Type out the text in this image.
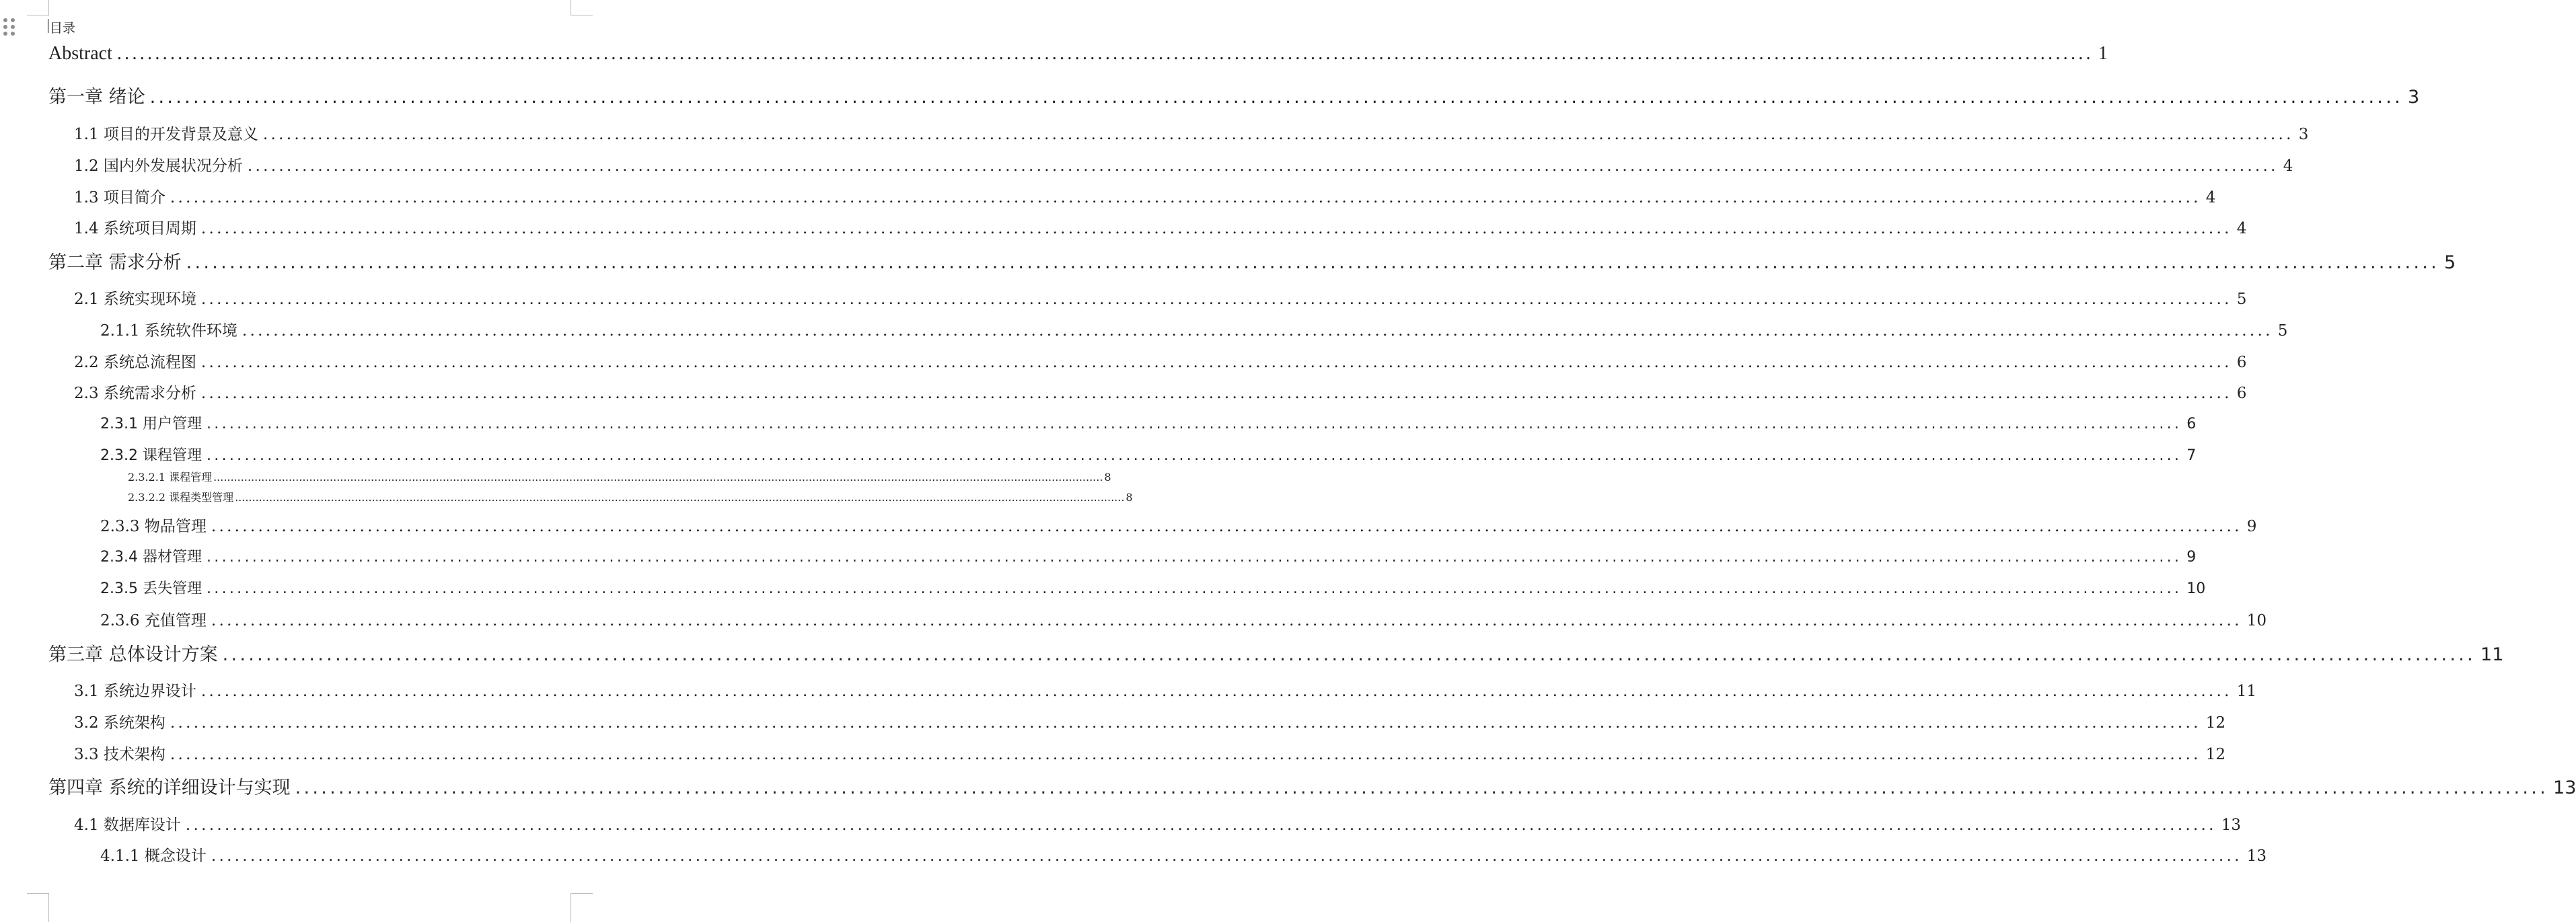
目录
Abstract .................................................................................................................................................................................................................................................................... 1
第一章 绪论 .................................................................................................................................................................................................................................................................... 3
1.1 项目的开发背景及意义 .................................................................................................................................................................................................................................................................... 3
1.2 国内外发展状况分析 .................................................................................................................................................................................................................................................................... 4
1.3 项目简介 .................................................................................................................................................................................................................................................................... 4
1.4 系统项目周期 .................................................................................................................................................................................................................................................................... 4
第二章 需求分析 .................................................................................................................................................................................................................................................................... 5
2.1 系统实现环境 .................................................................................................................................................................................................................................................................... 5
2.1.1 系统软件环境 .................................................................................................................................................................................................................................................................... 5
2.2 系统总流程图 .................................................................................................................................................................................................................................................................... 6
2.3 系统需求分析 .................................................................................................................................................................................................................................................................... 6
2.3.1 用户管理 .................................................................................................................................................................................................................................................................... 6
2.3.2 课程管理 .................................................................................................................................................................................................................................................................... 7
2.3.2.1 课程管理 .................................................................................................................................................................................................................................................................... 8
2.3.2.2 课程类型管理 .................................................................................................................................................................................................................................................................... 8
2.3.3 物品管理 .................................................................................................................................................................................................................................................................... 9
2.3.4 器材管理 .................................................................................................................................................................................................................................................................... 9
2.3.5 丢失管理 .................................................................................................................................................................................................................................................................... 10
2.3.6 充值管理 .................................................................................................................................................................................................................................................................... 10
第三章 总体设计方案 .................................................................................................................................................................................................................................................................... 11
3.1 系统边界设计 .................................................................................................................................................................................................................................................................... 11
3.2 系统架构 .................................................................................................................................................................................................................................................................... 12
3.3 技术架构 .................................................................................................................................................................................................................................................................... 12
第四章 系统的详细设计与实现 .................................................................................................................................................................................................................................................................... 13
4.1 数据库设计 .................................................................................................................................................................................................................................................................... 13
4.1.1 概念设计 .................................................................................................................................................................................................................................................................... 13
